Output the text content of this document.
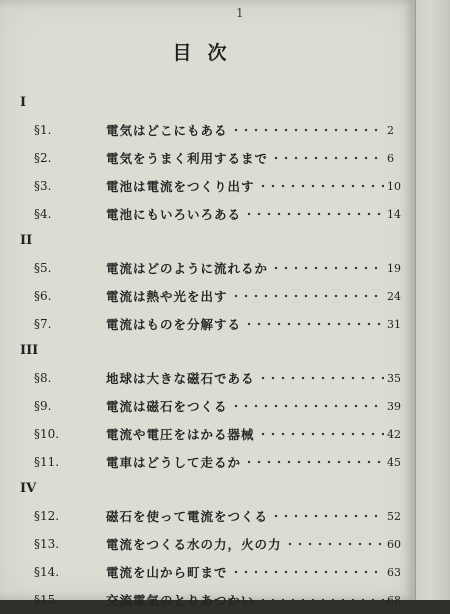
1
目次
I
§1.	電気はどこにもある	2
§2.	電気をうまく利用するまで	6
§3.	電池は電流をつくり出す	10
§4.	電池にもいろいろある	14
II
§5.	電流はどのように流れるか	19
§6.	電流は熱や光を出す	24
§7.	電流はものを分解する	31
III
§8.	地球は大きな磁石である	35
§9.	電流は磁石をつくる	39
§10.	電流や電圧をはかる器械	42
§11.	電車はどうして走るか	45
IV
§12.	磁石を使って電流をつくる	52
§13.	電流をつくる水の力，火の力	60
§14.	電流を山から町まで	63
§15.	交流電気のとりあつかい	68
